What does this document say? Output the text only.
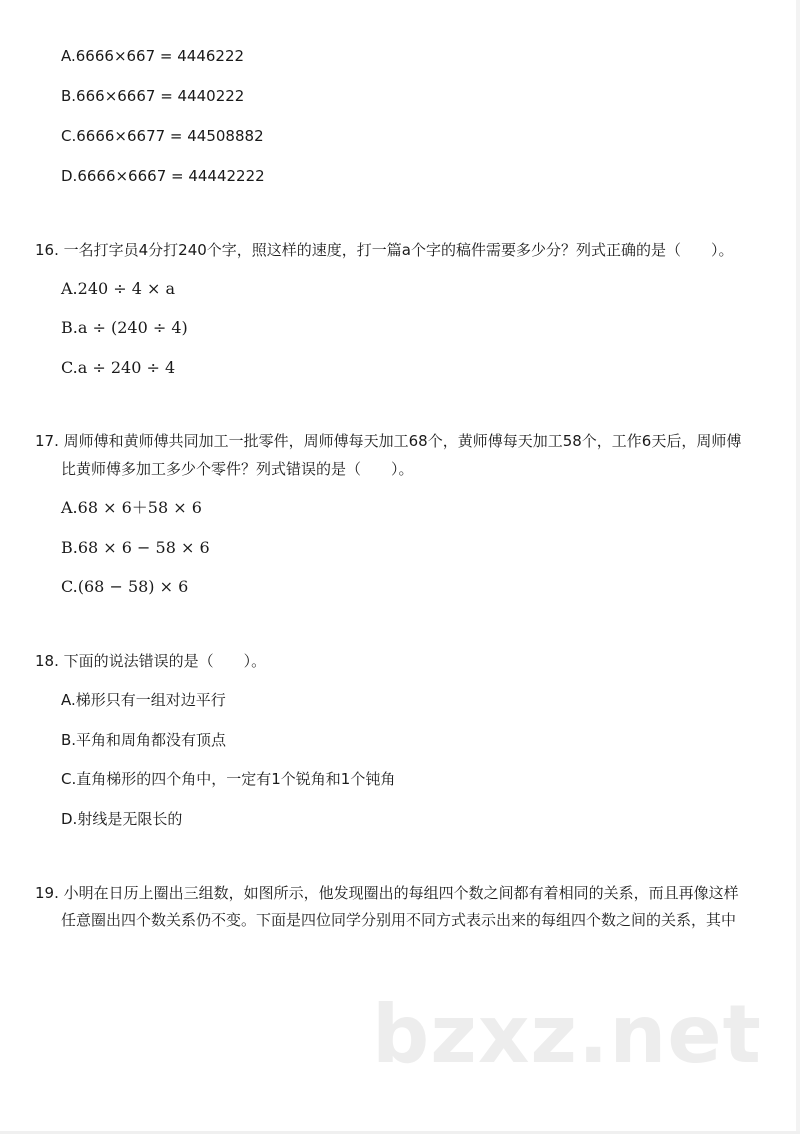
A.6666×667 = 4446222
B.666×6667 = 4440222
C.6666×6677 = 44508882
D.6666×6667 = 44442222
16. 一名打字员4分打240个字，照这样的速度，打一篇a个字的稿件需要多少分？列式正确的是（　　）。
A.240 ÷ 4 × a
B.a ÷ (240 ÷ 4)
C.a ÷ 240 ÷ 4
17. 周师傅和黄师傅共同加工一批零件，周师傅每天加工68个，黄师傅每天加工58个，工作6天后，周师傅
比黄师傅多加工多少个零件？列式错误的是（　　）。
A.68 × 6＋58 × 6
B.68 × 6 − 58 × 6
C.(68 − 58) × 6
18. 下面的说法错误的是（　　）。
A.梯形只有一组对边平行
B.平角和周角都没有顶点
C.直角梯形的四个角中，一定有1个锐角和1个钝角
D.射线是无限长的
19. 小明在日历上圈出三组数，如图所示，他发现圈出的每组四个数之间都有着相同的关系，而且再像这样
任意圈出四个数关系仍不变。下面是四位同学分别用不同方式表示出来的每组四个数之间的关系，其中
bzxz.net
